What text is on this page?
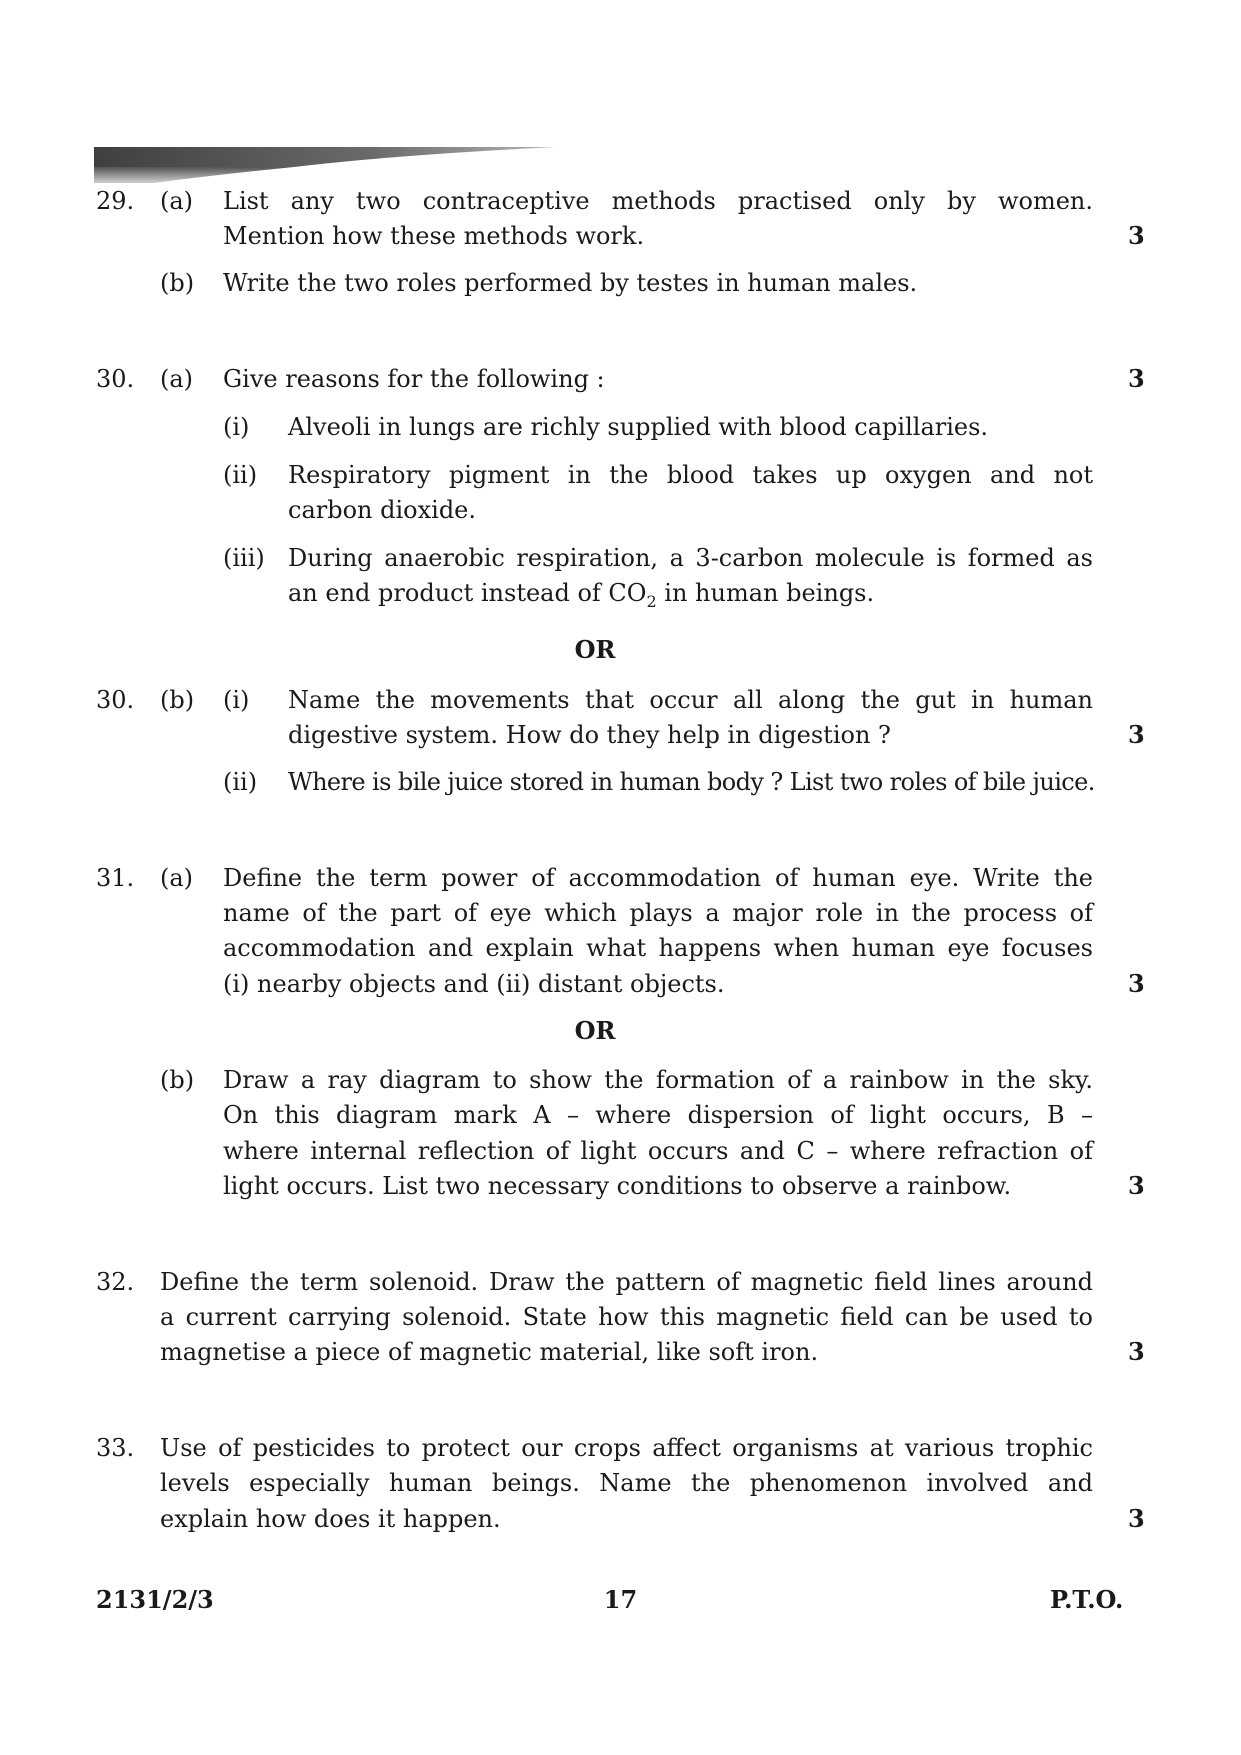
29. (a) List any two contraceptive methods practised only by women.
Mention how these methods work.	3
(b) Write the two roles performed by testes in human males.
30. (a) Give reasons for the following :	3
(i) Alveoli in lungs are richly supplied with blood capillaries.
(ii) Respiratory pigment in the blood takes up oxygen and not
carbon dioxide.
(iii) During anaerobic respiration, a 3-carbon molecule is formed as
an end product instead of $CO_2$ in human beings.
OR
30. (b) (i) Name the movements that occur all along the gut in human
digestive system. How do they help in digestion ?	3
(ii) Where is bile juice stored in human body ? List two roles of bile juice.
31. (a) Define the term power of accommodation of human eye. Write the
name of the part of eye which plays a major role in the process of
accommodation and explain what happens when human eye focuses
(i) nearby objects and (ii) distant objects.	3
OR
(b) Draw a ray diagram to show the formation of a rainbow in the sky.
On this diagram mark A – where dispersion of light occurs, B –
where internal reflection of light occurs and C – where refraction of
light occurs. List two necessary conditions to observe a rainbow.	3
32. Define the term solenoid. Draw the pattern of magnetic field lines around
a current carrying solenoid. State how this magnetic field can be used to
magnetise a piece of magnetic material, like soft iron.	3
33. Use of pesticides to protect our crops affect organisms at various trophic
levels especially human beings. Name the phenomenon involved and
explain how does it happen.	3
2131/2/3	17	P.T.O.
